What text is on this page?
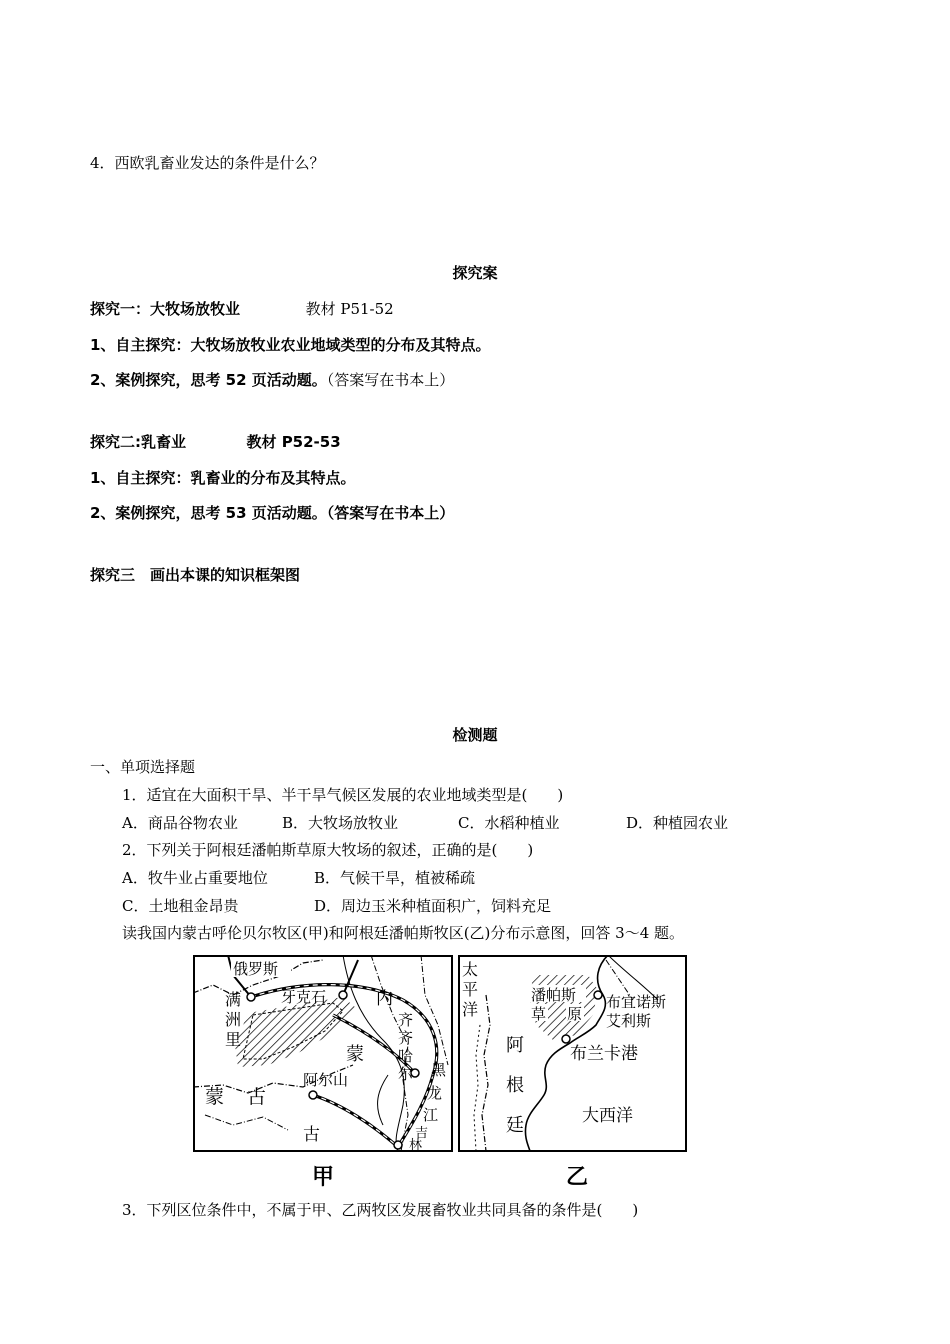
4．西欧乳畜业发达的条件是什么？
探究案
探究一：大牧场放牧业	教材 P51-52
1、自主探究：大牧场放牧业农业地域类型的分布及其特点。
2、案例探究，思考 52 页活动题。（答案写在书本上）
探究二:乳畜业	教材 P52-53
1、自主探究：乳畜业的分布及其特点。
2、案例探究，思考 53 页活动题。（答案写在书本上）
探究三　画出本课的知识框架图
检测题
一、单项选择题
1．适宜在大面积干旱、半干旱气候区发展的农业地域类型是(　　)
A．商品谷物农业	B．大牧场放牧业	C．水稻种植业	D．种植园农业
2．下列关于阿根廷潘帕斯草原大牧场的叙述，正确的是(　　)
A．牧牛业占重要地位	B．气候干旱，植被稀疏
C．土地租金昂贵	D．周边玉米种植面积广，饲料充足
读我国内蒙古呼伦贝尔牧区(甲)和阿根廷潘帕斯牧区(乙)分布示意图，回答 3～4 题。
俄罗斯
牙克石	内
满
洲
里
齐
齐
哈
尔
蒙
黑
龙
江
阿尔山
蒙 古
古	吉
林
甲
太
平
洋
潘帕斯
草 原
布宜诺斯
艾利斯
阿
根
廷
布兰卡港
大西洋
乙
3．下列区位条件中，不属于甲、乙两牧区发展畜牧业共同具备的条件是(　　)
